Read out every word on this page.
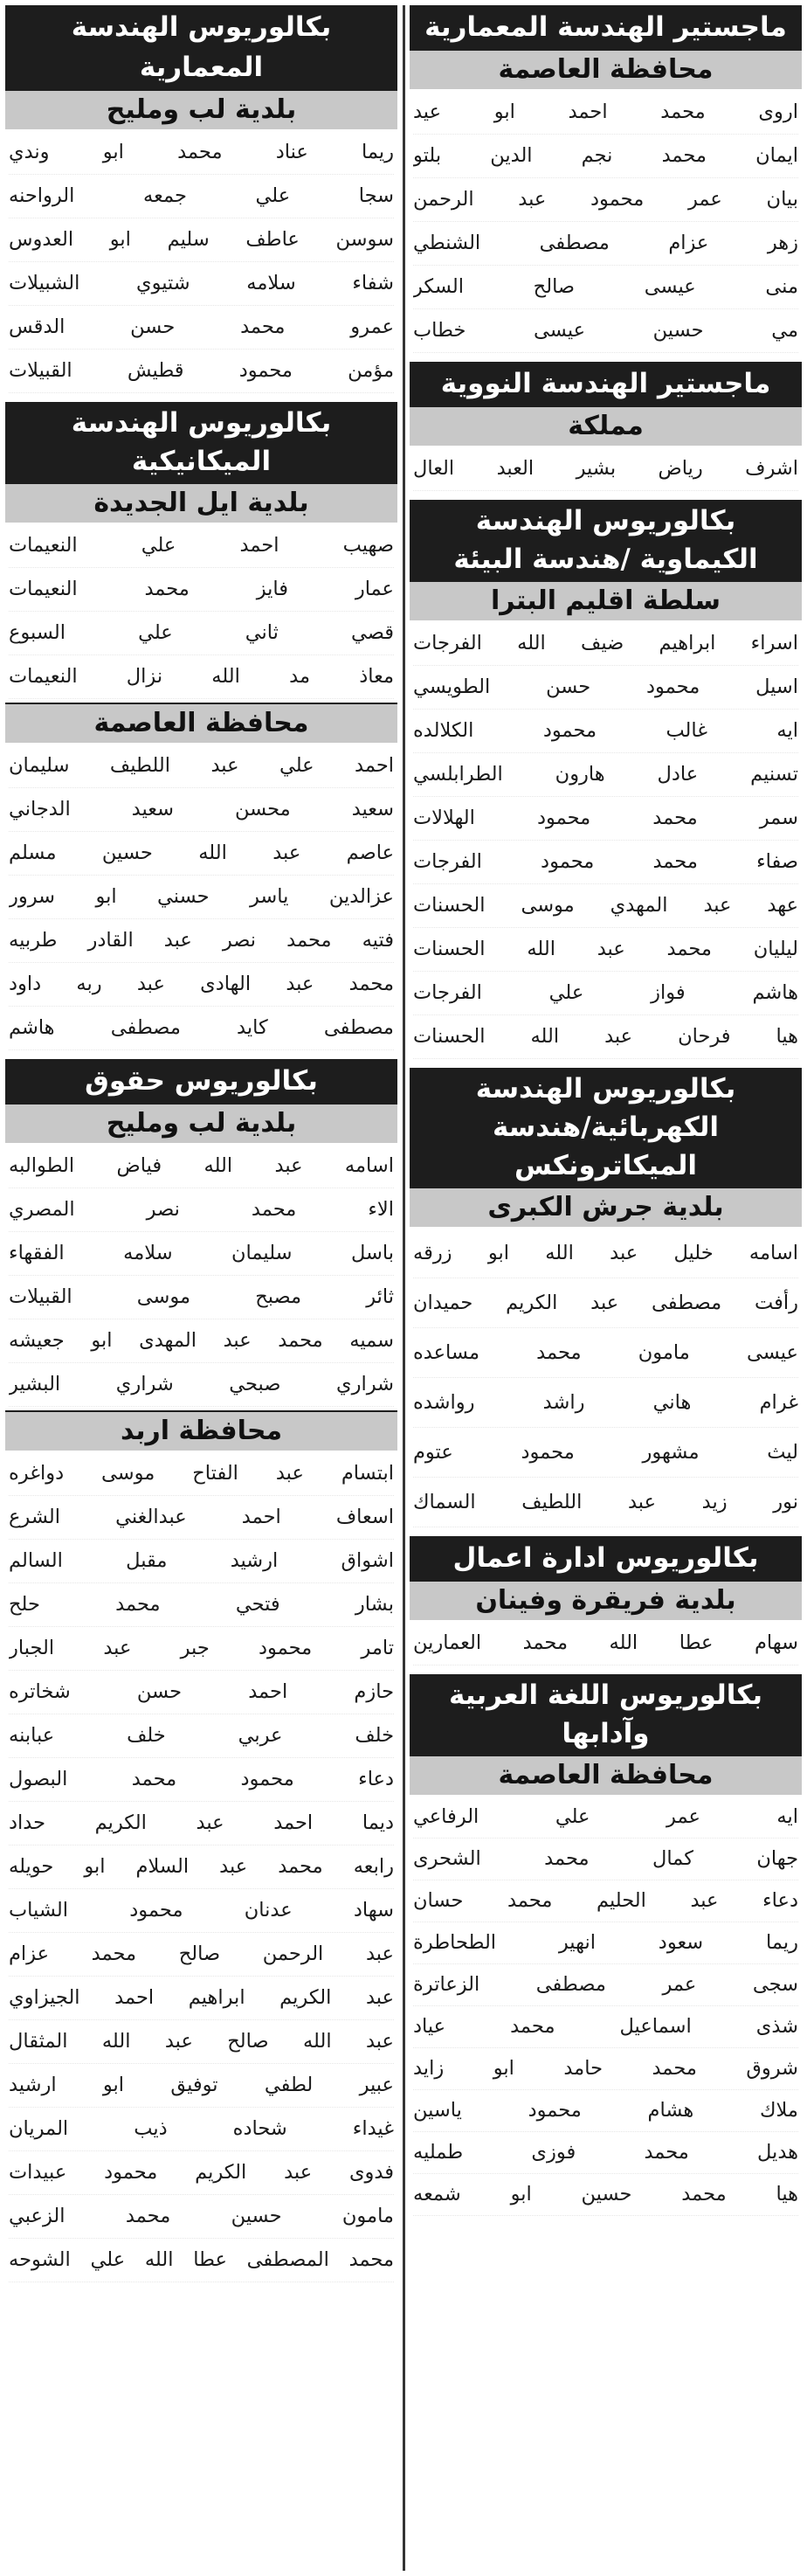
ماجستير الهندسة المعمارية
محافظة العاصمة
اروى محمد احمد ابو عيد
ايمان محمد نجم الدين بلتو
بيان عمر محمود عبد الرحمن
زهر عزام مصطفى الشنطي
منى عيسى صالح السكر
مي حسين عيسى خطاب
ماجستير الهندسة النووية
مملكة
اشرف رياض بشير العبد العال
بكالوريوس الهندسة الكيماوية /هندسة البيئة
سلطة اقليم البترا
اسراء ابراهيم ضيف الله الفرجات
اسيل محمود حسن الطويسي
ايه غالب محمود الكلالده
تسنيم عادل هارون الطرابلسي
سمر محمد محمود الهلالات
صفاء محمد محمود الفرجات
عهد عبد المهدي موسى الحسنات
ليليان محمد عبد الله الحسنات
هاشم فواز علي الفرجات
هيا فرحان عبد الله الحسنات
بكالوريوس الهندسة الكهربائية/هندسة الميكاترونكس
بلدية جرش الكبرى
اسامه خليل عبد الله ابو زرقه
رأفت مصطفى عبد الكريم حميدان
عيسى مامون محمد مساعده
غرام هاني راشد رواشده
ليث مشهور محمود عتوم
نور زيد عبد اللطيف السماك
بكالوريوس ادارة اعمال
بلدية فريقرة وفينان
سهام عطا الله محمد العمارين
بكالوريوس اللغة العربية وآدابها
محافظة العاصمة
ايه عمر علي الرفاعي
جهان كمال محمد الشحرى
دعاء عبد الحليم محمد حسان
ريما سعود انهير الطحاطرة
سجى عمر مصطفى الزعاترة
شذى اسماعيل محمد عياد
شروق محمد حامد ابو زايد
ملاك هشام محمود ياسين
هديل محمد فوزى طمليه
هيا محمد حسين ابو شمعه
بكالوريوس الهندسة المعمارية
بلدية لب ومليح
ريما عناد محمد ابو وندي
سجا علي جمعه الرواحنه
سوسن عاطف سليم ابو العدوس
شفاء سلامه شتيوي الشبيلات
عمرو محمد حسن الدقس
مؤمن محمود قطيش القبيلات
بكالوريوس الهندسة الميكانيكية
بلدية ايل الجديدة
صهيب احمد علي النعيمات
عمار فايز محمد النعيمات
قصي ثاني علي السبوع
معاذ مد الله نزال النعيمات
محافظة العاصمة
احمد علي عبد اللطيف سليمان
سعيد محسن سعيد الدجاني
عاصم عبد الله حسين مسلم
عزالدين ياسر حسني ابو سرور
فتيه محمد نصر عبد القادر طربيه
محمد عبد الهادى عبد ربه داود
مصطفى كايد مصطفى هاشم
بكالوريوس حقوق
بلدية لب ومليح
اسامه عبد الله فياض الطوالبه
الاء محمد نصر المصري
باسل سليمان سلامه الفقهاء
ثائر مصبح موسى القبيلات
سميه محمد عبد المهدى ابو جعيشه
شراري صبحي شراري البشير
محافظة اربد
ابتسام عبد الفتاح موسى دواغره
اسعاف احمد عبدالغني الشرع
اشواق ارشيد مقبل السالم
بشار فتحي محمد حلح
تامر محمود جبر عبد الجبار
حازم احمد حسن شخاتره
خلف عربي خلف عبابنه
دعاء محمود محمد البصول
ديما احمد عبد الكريم حداد
رابعه محمد عبد السلام ابو حويله
سهاد عدنان محمود الشياب
عبد الرحمن صالح محمد عزام
عبد الكريم ابراهيم احمد الجيزاوي
عبد الله صالح عبد الله المثقال
عبير لطفي توفيق ابو ارشيد
غيداء شحاده ذيب المريان
فدوى عبد الكريم محمود عبيدات
مامون حسين محمد الزعبي
محمد المصطفى عطا الله علي الشوحه
